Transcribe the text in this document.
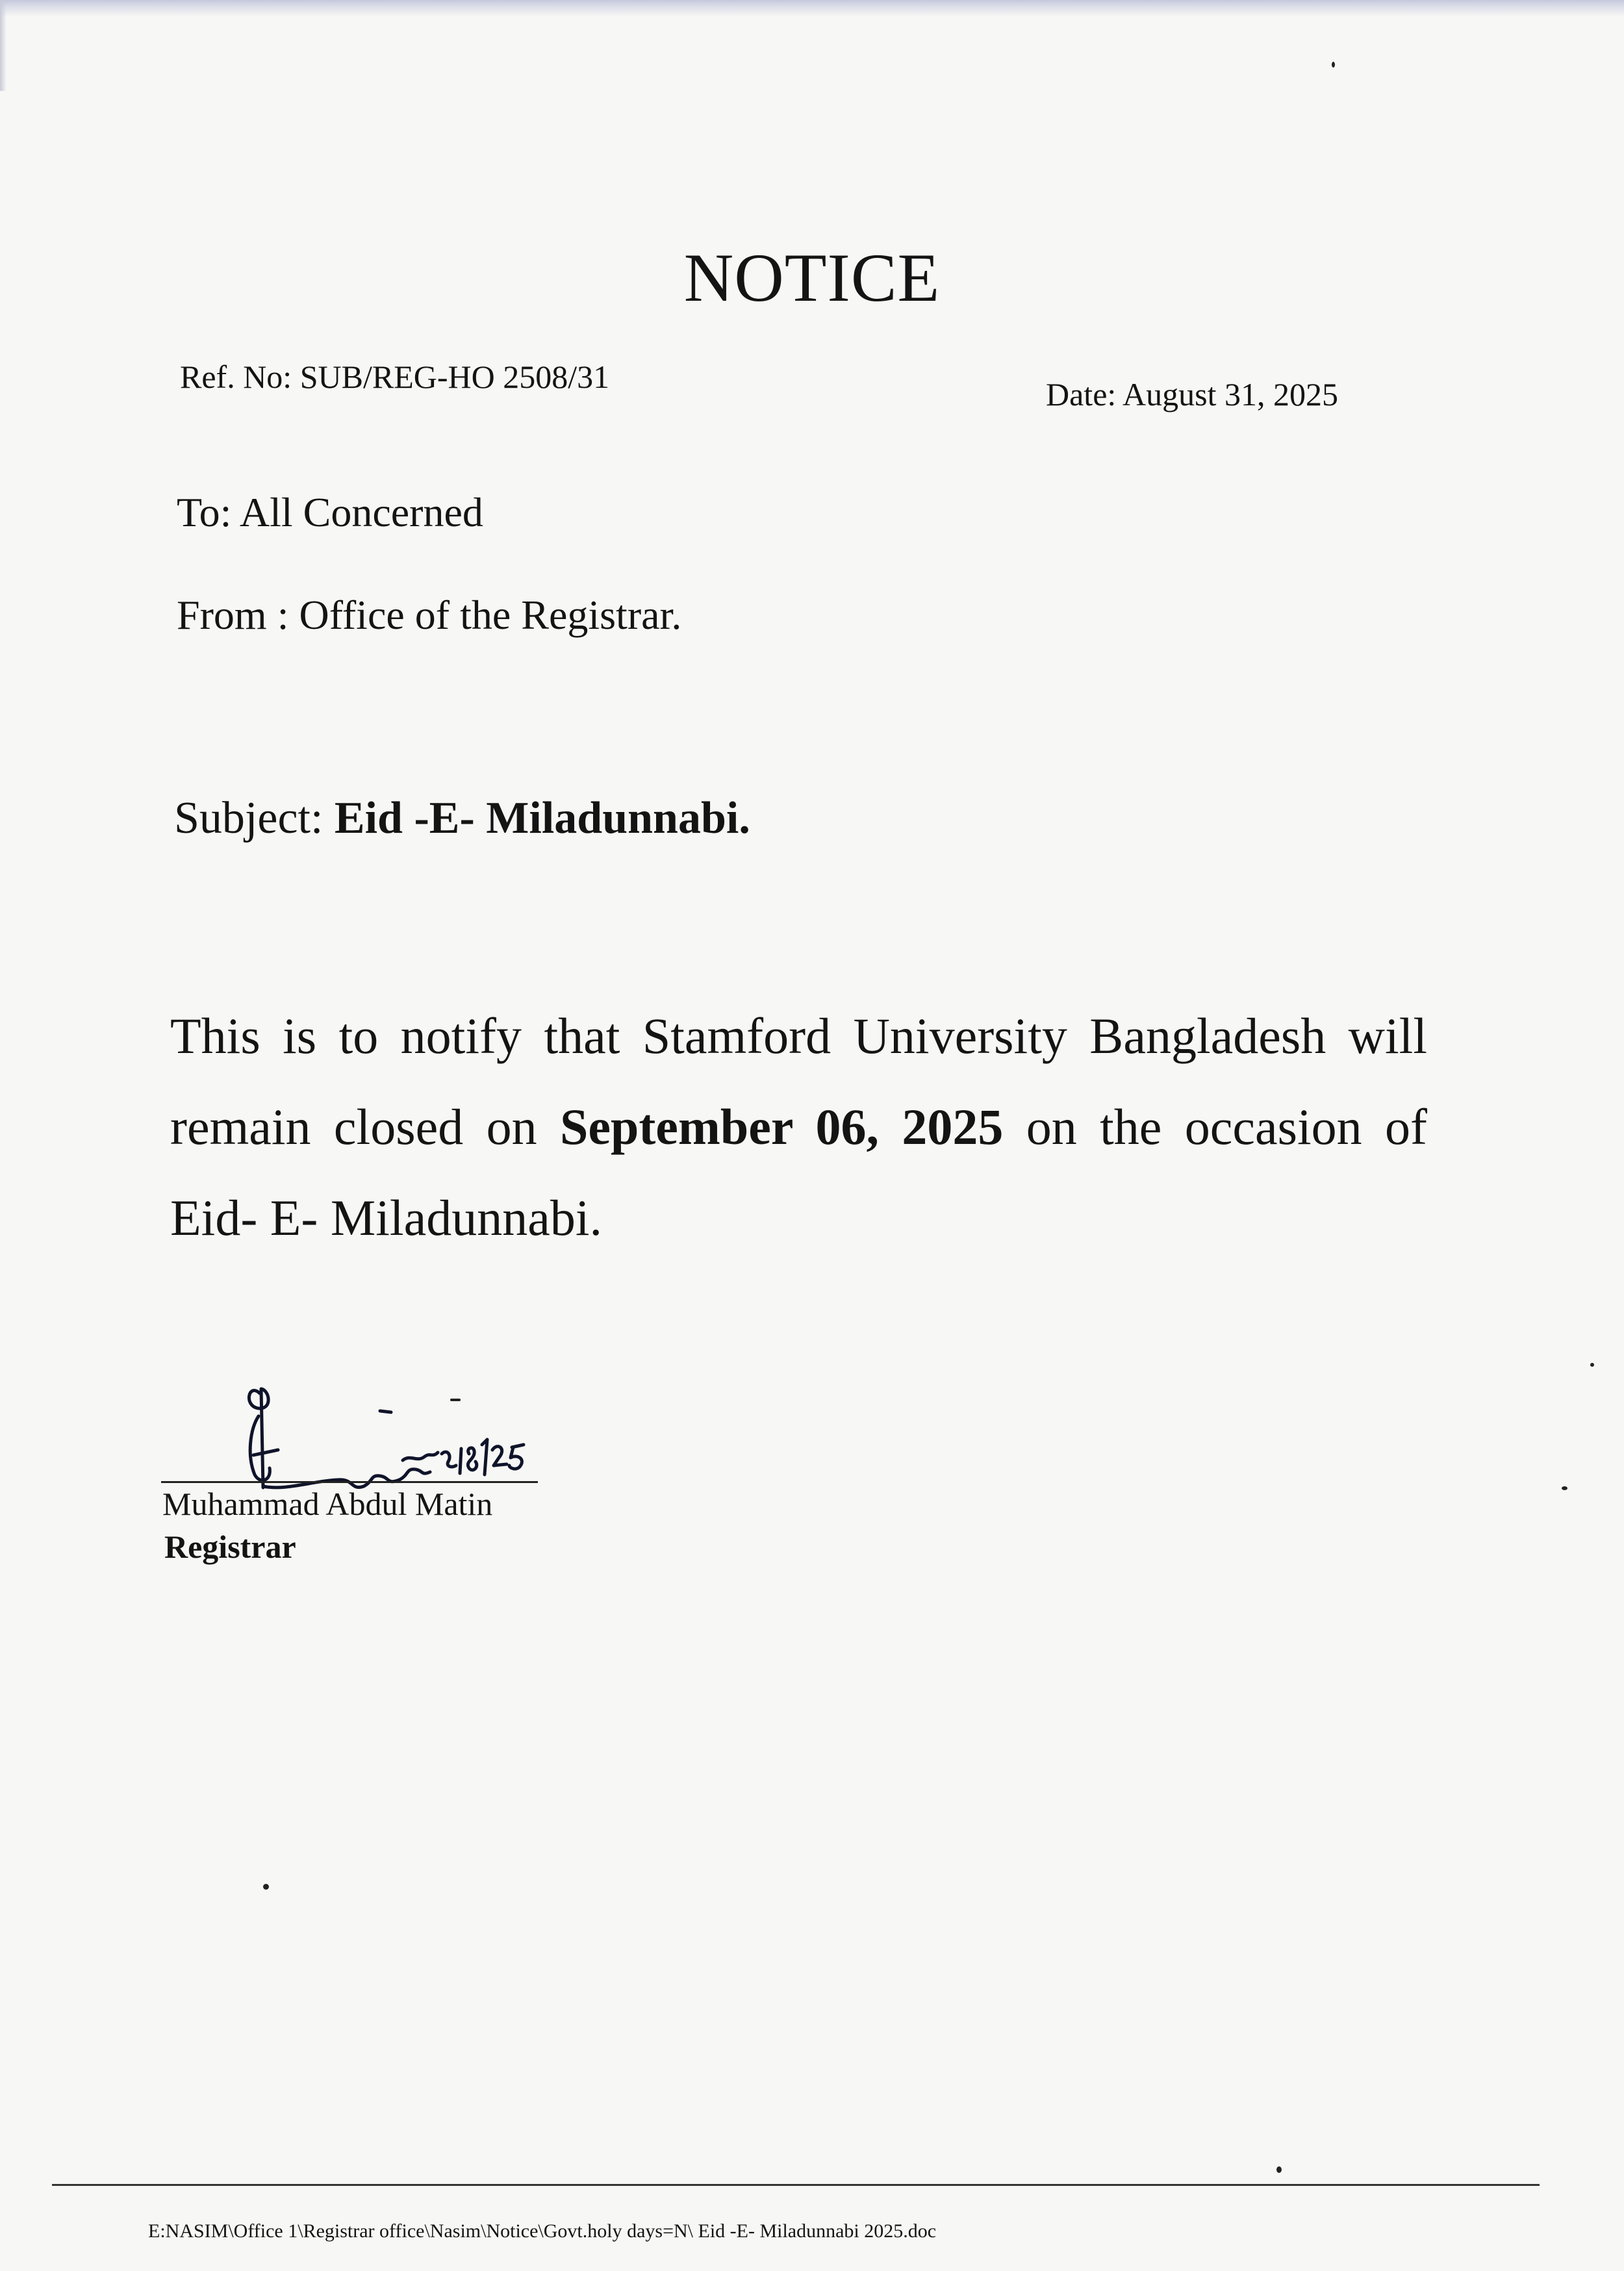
NOTICE
Ref. No: SUB/REG-HO 2508/31	Date: August 31, 2025
To: All Concerned
From : Office of the Registrar.
Subject: Eid -E- Miladunnabi.
This is to notify that Stamford University Bangladesh will remain closed on September 06, 2025 on the occasion of Eid- E- Miladunnabi.
Muhammad Abdul Matin
Registrar
E:NASIM\Office 1\Registrar office\Nasim\Notice\Govt.holy days=N\ Eid -E- Miladunnabi 2025.doc
